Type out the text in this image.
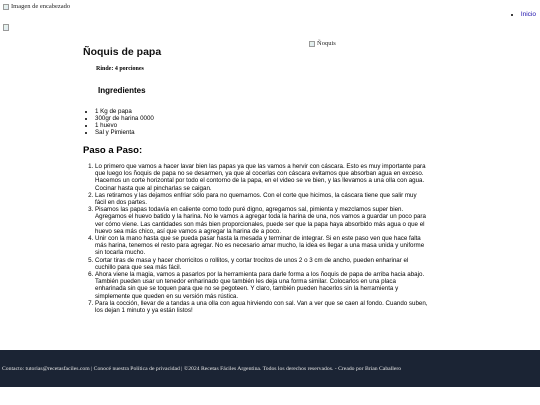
Imagen de encabezado
• Inicio
Ñoquis
Ñoquis de papa

Rinde: 4 porciones

Ingredientes
• 1 Kg de papa
• 300gr de harina 0000
• 1 huevo
• Sal y Pimienta
Paso a Paso:
1. Lo primero que vamos a hacer lavar bien las papas ya que las vamos a hervir con cáscara. Esto es muy importante para que luego los ñoquis de papa no se desarmen, ya que al cocerlas con cáscara evitamos que absorban agua en exceso. Hacemos un corte horizontal por todo el contorno de la papa, en el video se ve bien, y las llevamos a una olla con agua. Cocinar hasta que al pincharlas se caigan.
2. Las retiramos y las dejamos enfriar sólo para no quemarnos. Con el corte que hicimos, la cáscara tiene que salir muy fácil en dos partes.
3. Pisamos las papas todavía en caliente como todo puré digno, agregamos sal, pimienta y mezclamos super bien. Agregamos el huevo batido y la harina. No le vamos a agregar toda la harina de una, nos vamos a guardar un poco para ver cómo viene. Las cantidades son más bien proporcionales, puede ser que la papa haya absorbido más agua o que el huevo sea más chico, así que vamos a agregar la harina de a poco.
4. Unir con la mano hasta que se pueda pasar hasta la mesada y terminar de integrar. Si en este paso ven que hace falta más harina, tenemos el resto para agregar. No es necesario amar mucho, la idea es llegar a una masa unida y uniforme sin tocarla mucho.
5. Cortar tiras de masa y hacer chorricitos o rollitos, y cortar trocitos de unos 2 o 3 cm de ancho, pueden enharinar el cuchillo para que sea más fácil.
6. Ahora viene la magia, vamos a pasarlos por la herramienta para darle forma a los ñoquis de papa de arriba hacia abajo. También pueden usar un tenedor enharinado que también les deja una forma similar. Colocarlos en una placa enharinada sin que se toquen para que no se pegoteen. Y claro, también pueden hacerlos sin la herramienta y simplemente que queden en su versión más rústica.
7. Para la cocción, llevar de a tandas a una olla con agua hirviendo con sal. Van a ver que se caen al fondo. Cuando suben, los dejan 1 minuto y ya están listos!
Contacto: tutorias@recetasfaciles.com | Conocé nuestra Política de privacidad | ©2024 Recetas Fáciles Argentina. Todos los derechos reservados. - Creado por Brian Caballero
